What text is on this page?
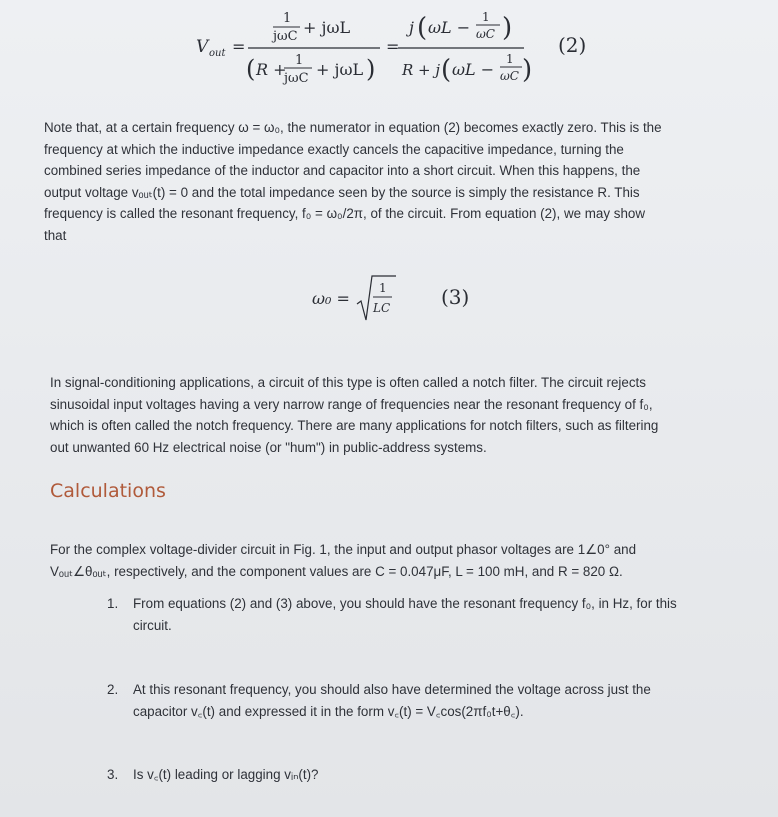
V out =
1
jωC + jωL
( R + 1
jωC + jωL )
=
j ( ωL −
1
ωC )
R + j ( ωL −
1
ωC )
(2)
Note that, at a certain frequency ω = ω₀, the numerator in equation (2) becomes exactly zero. This is the
frequency at which the inductive impedance exactly cancels the capacitive impedance, turning the
combined series impedance of the inductor and capacitor into a short circuit. When this happens, the
output voltage vₒᵤₜ(t) = 0 and the total impedance seen by the source is simply the resistance R. This
frequency is called the resonant frequency, f₀ = ω₀/2π, of the circuit. From equation (2), we may show
that
ω₀ =
1
LC	(3)
In signal-conditioning applications, a circuit of this type is often called a notch filter. The circuit rejects
sinusoidal input voltages having a very narrow range of frequencies near the resonant frequency of f₀,
which is often called the notch frequency. There are many applications for notch filters, such as filtering
out unwanted 60 Hz electrical noise (or "hum") in public-address systems.
Calculations
For the complex voltage-divider circuit in Fig. 1, the input and output phasor voltages are 1∠0° and
Vₒᵤₜ∠θₒᵤₜ, respectively, and the component values are C = 0.047μF, L = 100 mH, and R = 820 Ω.
1. From equations (2) and (3) above, you should have the resonant frequency f₀, in Hz, for this
circuit.
2. At this resonant frequency, you should also have determined the voltage across just the
capacitor v꜀(t) and expressed it in the form v꜀(t) = V꜀cos(2πf₀t+θ꜀).
3. Is v꜀(t) leading or lagging vᵢₙ(t)?
